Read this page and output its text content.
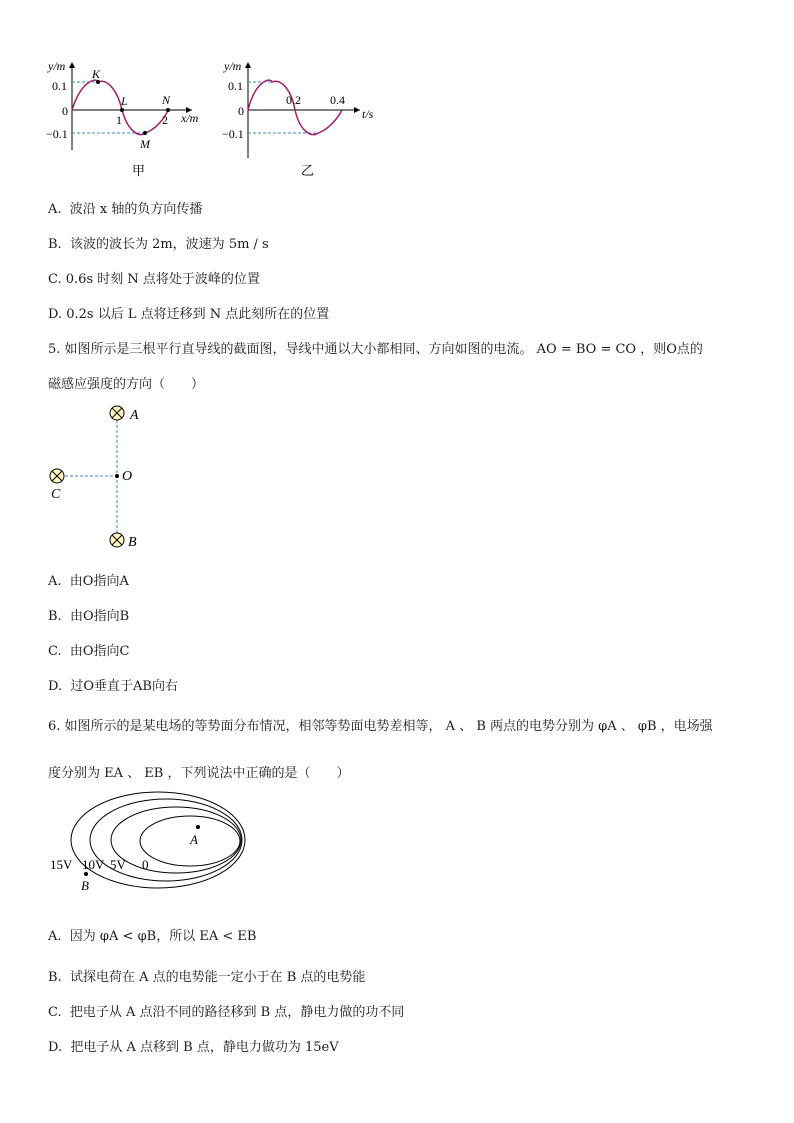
y/m
x/m
0.1
−0.1
0
1	2
K
L
M
N
甲
y/m
t/s
0.1
−0.1
0
0.2 0.4
乙
A. 波沿 x 轴的负方向传播
B. 该波的波长为 2m，波速为 5m / s
C. 0.6s 时刻 N 点将处于波峰的位置
D. 0.2s 以后 L 点将迁移到 N 点此刻所在的位置
5. 如图所示是三根平行直导线的截面图，导线中通以大小都相同、方向如图的电流。 AO = BO = CO ，则O点的
磁感应强度的方向（　　）
A
B
C
O
A. 由O指向A
B. 由O指向B
C. 由O指向C
D. 过O垂直于AB向右
6. 如图所示的是某电场的等势面分布情况，相邻等势面电势差相等， A 、 B 两点的电势分别为 φA 、 φB ，电场强
度分别为 EA 、 EB ，下列说法中正确的是（　　）
15V 10V 5V 0
A
B
A. 因为 φA < φB，所以 EA < EB
B. 试探电荷在 A 点的电势能一定小于在 B 点的电势能
C. 把电子从 A 点沿不同的路径移到 B 点，静电力做的功不同
D. 把电子从 A 点移到 B 点，静电力做功为 15eV
